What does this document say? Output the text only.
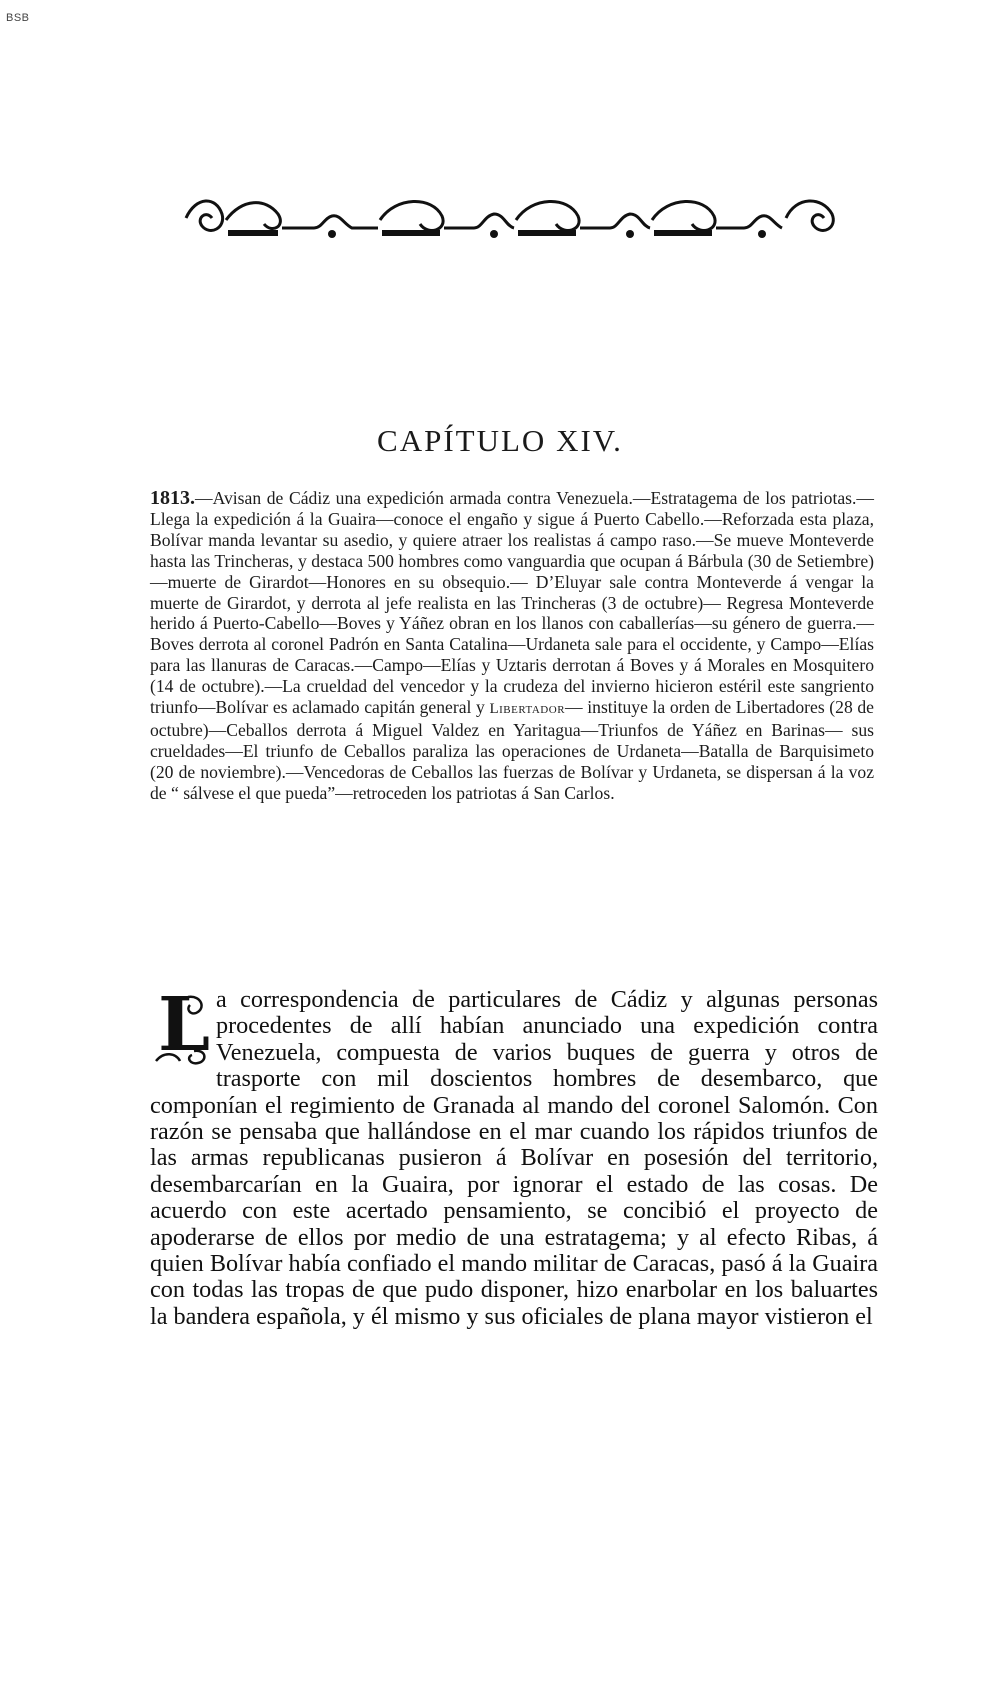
BSB
CAPÍTULO XIV.
1813.—Avisan de Cádiz una expedición armada contra Venezuela.—Estratagema de los patriotas.—Llega la expedición á la Guaira—conoce el engaño y sigue á Puerto Cabello.—Reforzada esta plaza, Bolívar manda levantar su asedio, y quiere atraer los realistas á campo raso.—Se mueve Monteverde hasta las Trincheras, y destaca 500 hombres como vanguardia que ocupan á Bárbula (30 de Setiembre)—muerte de Girardot—Honores en su obsequio.— D’Eluyar sale contra Monteverde á vengar la muerte de Girardot, y derrota al jefe realista en las Trincheras (3 de octubre)— Regresa Monteverde herido á Puerto-Cabello—Boves y Yáñez obran en los llanos con caballerías—su género de guerra.—Boves derrota al coronel Padrón en Santa Catalina—Urdaneta sale para el occidente, y Campo—Elías para las llanuras de Caracas.—Campo—Elías y Uztaris derrotan á Boves y á Morales en Mosquitero (14 de octubre).—La crueldad del vencedor y la crudeza del invierno hicieron estéril este sangriento triunfo—Bolívar es aclamado capitán general y Libertador— instituye la orden de Libertadores (28 de octubre)—Ceballos derrota á Miguel Valdez en Yaritagua—Triunfos de Yáñez en Barinas— sus crueldades—El triunfo de Ceballos paraliza las operaciones de Urdaneta—Batalla de Barquisimeto (20 de noviembre).—Vencedoras de Ceballos las fuerzas de Bolívar y Urdaneta, se dispersan á la voz de “ sálvese el que pueda”—retroceden los patriotas á San Carlos.
L a correspondencia de particulares de Cádiz y algunas personas procedentes de allí habían anunciado una expedición contra Venezuela, compuesta de varios buques de guerra y otros de trasporte con mil doscientos hombres de desembarco, que componían el regimiento de Granada al mando del coronel Salomón. Con razón se pensaba que hallándose en el mar cuando los rápidos triunfos de las armas republicanas pusieron á Bolívar en posesión del territorio, desembarcarían en la Guaira, por ignorar el estado de las cosas. De acuerdo con este acertado pensamiento, se concibió el proyecto de apoderarse de ellos por medio de una estratagema; y al efecto Ribas, á quien Bolívar había confiado el mando militar de Caracas, pasó á la Guaira con todas las tropas de que pudo disponer, hizo enarbolar en los baluartes la bandera española, y él mismo y sus oficiales de plana mayor vistieron el
